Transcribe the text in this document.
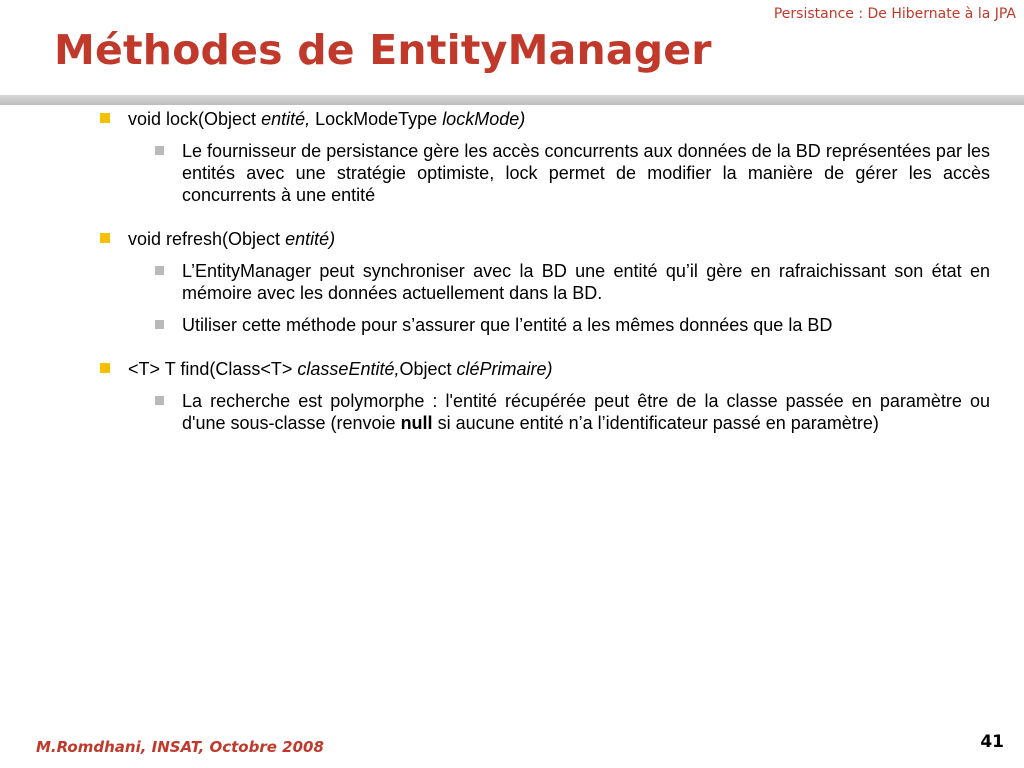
Persistance : De Hibernate à la JPA
Méthodes de EntityManager
void lock(Object entité, LockModeType lockMode)
Le fournisseur de persistance gère les accès concurrents aux données de la BD représentées par les entités avec une stratégie optimiste, lock permet de modifier la manière de gérer les accès concurrents à une entité
void refresh(Object entité)
L’EntityManager peut synchroniser avec la BD une entité qu’il gère en rafraichissant son état en mémoire avec les données actuellement dans la BD.
Utiliser cette méthode pour s’assurer que l’entité a les mêmes données que la BD
<T> T find(Class<T> classeEntité,Object cléPrimaire)
La recherche est polymorphe : l'entité récupérée peut être de la classe passée en paramètre ou d'une sous-classe (renvoie null si aucune entité n’a l’identificateur passé en paramètre)
M.Romdhani, INSAT, Octobre 2008	41
